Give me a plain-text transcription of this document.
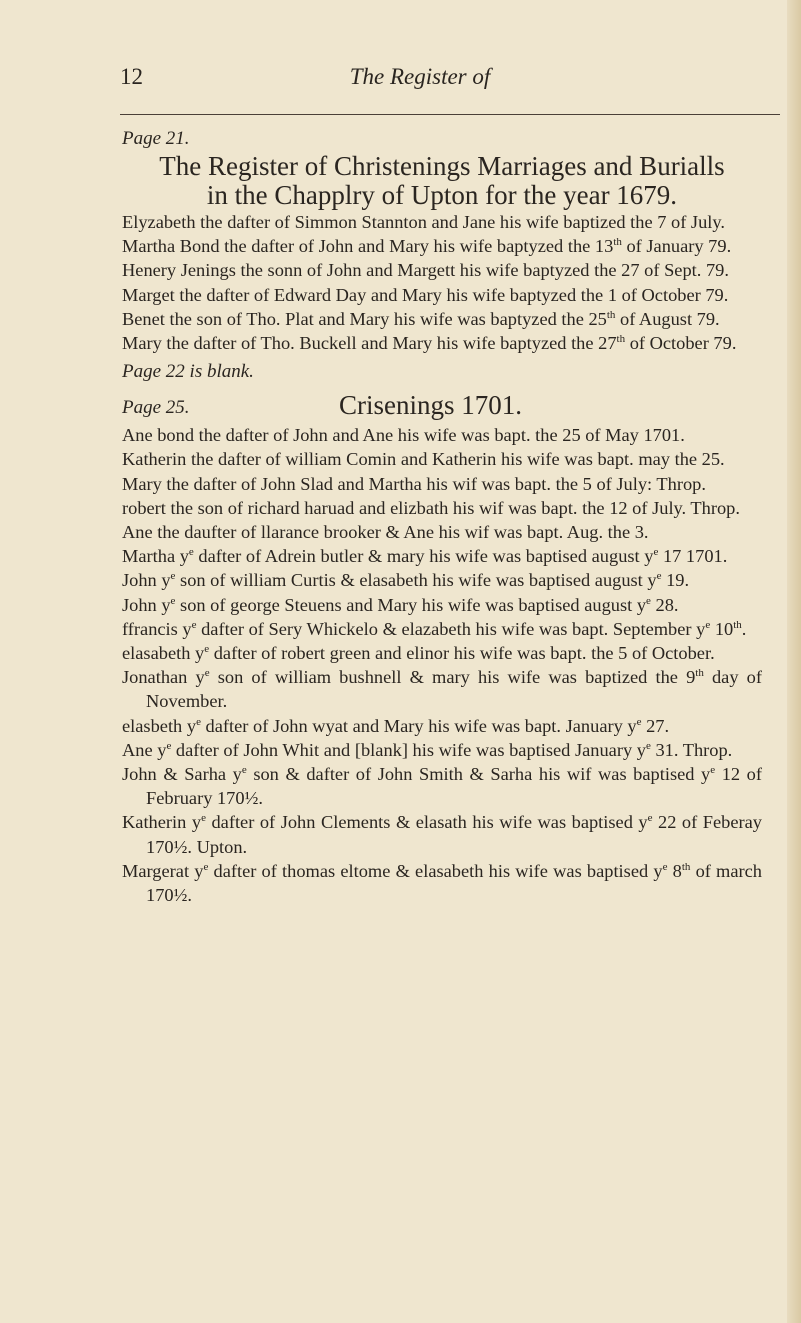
12	The Register of
Page 21.
The Register of Christenings Marriages and Burialls
in the Chapplry of Upton for the year 1679.

Elyzabeth the dafter of Simmon Stannton and Jane his wife baptized the 7 of July.

Martha Bond the dafter of John and Mary his wife baptyzed the 13th of January 79.

Henery Jenings the sonn of John and Margett his wife baptyzed the 27 of Sept. 79.

Marget the dafter of Edward Day and Mary his wife baptyzed the 1 of October 79.

Benet the son of Tho. Plat and Mary his wife was baptyzed the 25th of August 79.

Mary the dafter of Tho. Buckell and Mary his wife baptyzed the 27th of October 79.

Page 22 is blank.
Page 25.	Crisenings 1701.

Ane bond the dafter of John and Ane his wife was bapt. the 25 of May 1701.

Katherin the dafter of william Comin and Katherin his wife was bapt. may the 25.

Mary the dafter of John Slad and Martha his wif was bapt. the 5 of July: Throp.

robert the son of richard haruad and elizbath his wif was bapt. the 12 of July. Throp.

Ane the daufter of llarance brooker & Ane his wif was bapt. Aug. the 3.

Martha $y^e$ dafter of Adrein butler & mary his wife was baptised august $y^e$ 17 1701.

John $y^e$ son of william Curtis & elasabeth his wife was baptised august $y^e$ 19.

John $y^e$ son of george Steuens and Mary his wife was baptised august $y^e$ 28.

ffrancis $y^e$ dafter of Sery Whickelo & elazabeth his wife was bapt. September $y^e$ 10th.

elasabeth $y^e$ dafter of robert green and elinor his wife was bapt. the 5 of October.

Jonathan $y^e$ son of william bushnell & mary his wife was baptized the 9th day of November.

elasbeth $y^e$ dafter of John wyat and Mary his wife was bapt. January $y^e$ 27.

Ane $y^e$ dafter of John Whit and [blank] his wife was baptised January $y^e$ 31. Throp.

John & Sarha $y^e$ son & dafter of John Smith & Sarha his wif was baptised $y^e$ 12 of February 170½.

Katherin $y^e$ dafter of John Clements & elasath his wife was baptised $y^e$ 22 of Feberay 170½. Upton.

Margerat $y^e$ dafter of thomas eltome & elasabeth his wife was baptised $y^e$ 8th of march 170½.
